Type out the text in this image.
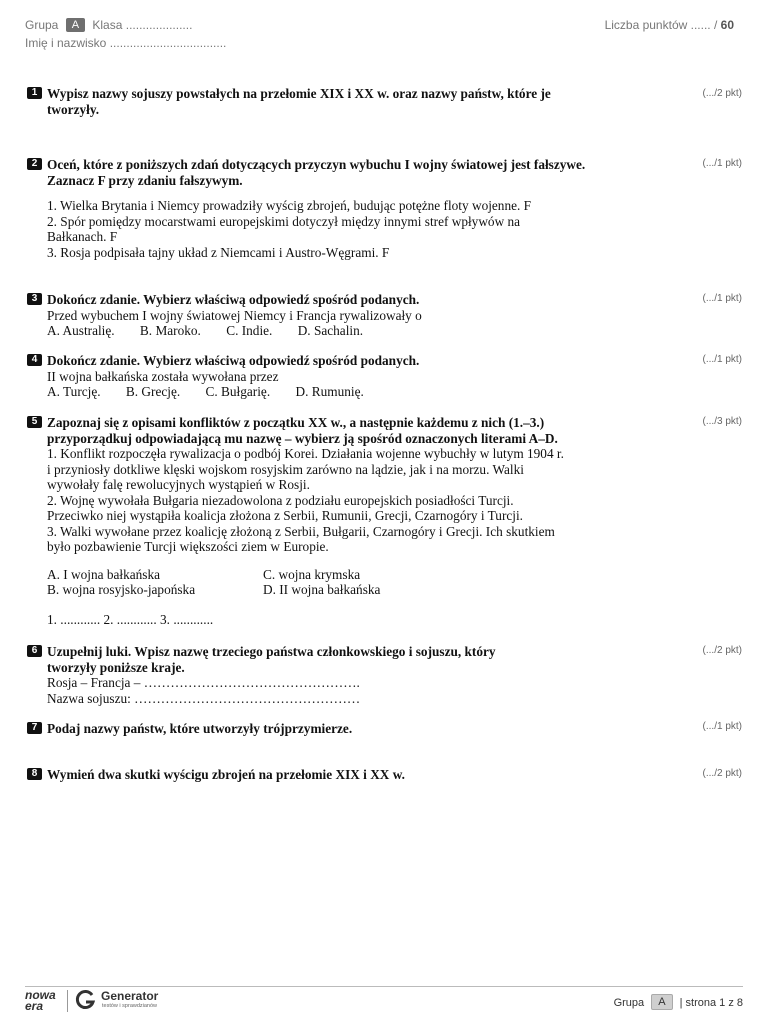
Grupa A Klasa ....................
Imię i nazwisko ...................................
Liczba punktów ...... / 60
1 Wypisz nazwy sojuszy powstałych na przełomie XIX i XX w. oraz nazwy państw, które je tworzyły.
(.../2 pkt)
2 Oceń, które z poniższych zdań dotyczących przyczyn wybuchu I wojny światowej jest fałszywe. Zaznacz F przy zdaniu fałszywym.
1. Wielka Brytania i Niemcy prowadziły wyścig zbrojeń, budując potężne floty wojenne. F
2. Spór pomiędzy mocarstwami europejskimi dotyczył między innymi stref wpływów na Bałkanach. F
3. Rosja podpisała tajny układ z Niemcami i Austro-Węgrami. F
(.../1 pkt)
3 Dokończ zdanie. Wybierz właściwą odpowiedź spośród podanych.
Przed wybuchem I wojny światowej Niemcy i Francja rywalizowały o
A. Australię. B. Maroko. C. Indie. D. Sachalin.
(.../1 pkt)
4 Dokończ zdanie. Wybierz właściwą odpowiedź spośród podanych.
II wojna bałkańska została wywołana przez
A. Turcję. B. Grecję. C. Bułgarię. D. Rumunię.
(.../1 pkt)
5 Zapoznaj się z opisami konfliktów z początku XX w., a następnie każdemu z nich (1.–3.) przyporządkuj odpowiadającą mu nazwę – wybierz ją spośród oznaczonych literami A–D.
1. Konflikt rozpoczęła rywalizacja o podbój Korei. Działania wojenne wybuchły w lutym 1904 r. i przyniosły dotkliwe klęski wojskom rosyjskim zarówno na lądzie, jak i na morzu. Walki wywołały falę rewolucyjnych wystąpień w Rosji.
2. Wojnę wywołała Bułgaria niezadowolona z podziału europejskich posiadłości Turcji. Przeciwko niej wystąpiła koalicja złożona z Serbii, Rumunii, Grecji, Czarnogóry i Turcji.
3. Walki wywołane przez koalicję złożoną z Serbii, Bułgarii, Czarnogóry i Grecji. Ich skutkiem było pozbawienie Turcji większości ziem w Europie.
A. I wojna bałkańska	C. wojna krymska
B. wojna rosyjsko-japońska	D. II wojna bałkańska
1. ............ 2. ............ 3. ............
(.../3 pkt)
6 Uzupełnij luki. Wpisz nazwę trzeciego państwa członkowskiego i sojuszu, który tworzyły poniższe kraje.
Rosja – Francja – ………………………………………….
Nazwa sojuszu: ……………………………………………
(.../2 pkt)
7 Podaj nazwy państw, które utworzyły trójprzymierze.	(.../1 pkt)
8 Wymień dwa skutki wyścigu zbrojeń na przełomie XIX i XX w.	(.../2 pkt)
nowa era
Generator
testów i sprawdzianów	Grupa A | strona 1 z 8
